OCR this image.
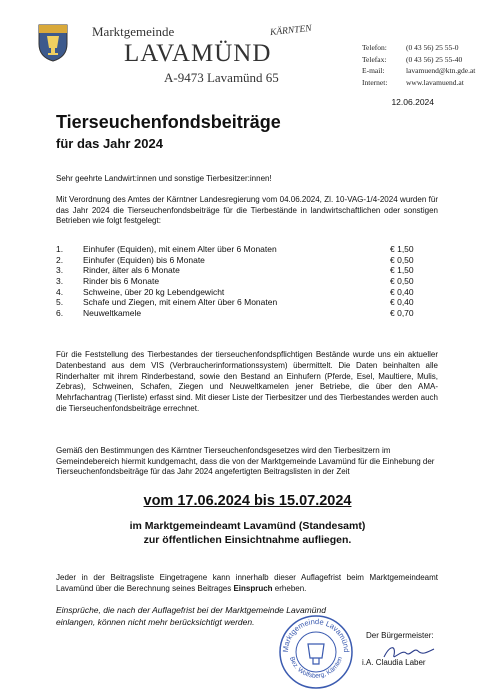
Marktgemeinde
LAVAMÜND
KÄRNTEN
A-9473 Lavamünd 65
Telefon:	(0 43 56) 25 55-0
Telefax:	(0 43 56) 25 55-40
E-mail:	lavamuend@ktn.gde.at
Internet: www.lavamuend.at
12.06.2024
Tierseuchenfondsbeiträge
für das Jahr 2024
Sehr geehrte Landwirt:innen und sonstige Tierbesitzer:innen!
Mit Verordnung des Amtes der Kärntner Landesregierung vom 04.06.2024, Zl. 10-VAG-1/4-2024 wurden für das Jahr 2024 die Tierseuchenfondsbeiträge für die Tierbestände in landwirtschaftlichen oder sonstigen Betrieben wie folgt festgelegt:
1. Einhufer (Equiden), mit einem Alter über 6 Monaten	€ 1,50
2. Einhufer (Equiden) bis 6 Monate	€ 0,50
3. Rinder, älter als 6 Monate	€ 1,50
3. Rinder bis 6 Monate	€ 0,50
4. Schweine, über 20 kg Lebendgewicht	€ 0,40
5. Schafe und Ziegen, mit einem Alter über 6 Monaten	€ 0,40
6. Neuweltkamele	€ 0,70
Für die Feststellung des Tierbestandes der tierseuchenfondspflichtigen Bestände wurde uns ein aktueller Datenbestand aus dem VIS (Verbraucherinformationssystem) übermittelt. Die Daten beinhalten alle Rinderhalter mit ihrem Rinderbestand, sowie den Bestand an Einhufern (Pferde, Esel, Maultiere, Mulis, Zebras), Schweinen, Schafen, Ziegen und Neuweltkamelen jener Betriebe, die über den AMA-Mehrfachantrag (Tierliste) erfasst sind. Mit dieser Liste der Tierbesitzer und des Tierbestandes werden auch die Tierseuchenfondsbeiträge errechnet.
Gemäß den Bestimmungen des Kärntner Tierseuchenfondsgesetzes wird den Tierbesitzern im Gemeindebereich hiermit kundgemacht, dass die von der Marktgemeinde Lavamünd für die Einhebung der Tierseuchenfondsbeiträge für das Jahr 2024 angefertigten Beitragslisten in der Zeit
vom 17.06.2024 bis 15.07.2024
im Marktgemeindeamt Lavamünd (Standesamt)
zur öffentlichen Einsichtnahme aufliegen.
Jeder in der Beitragsliste Eingetragene kann innerhalb dieser Auflagefrist beim Marktgemeindeamt Lavamünd über die Berechnung seines Beitrages Einspruch erheben.
Einsprüche, die nach der Auflagefrist bei der Marktgemeinde Lavamünd einlangen, können nicht mehr berücksichtigt werden.
Marktgemeinde Lavamünd
Bez. Wolfsberg, Kärnten
Der Bürgermeister:
i.A. Claudia Laber
